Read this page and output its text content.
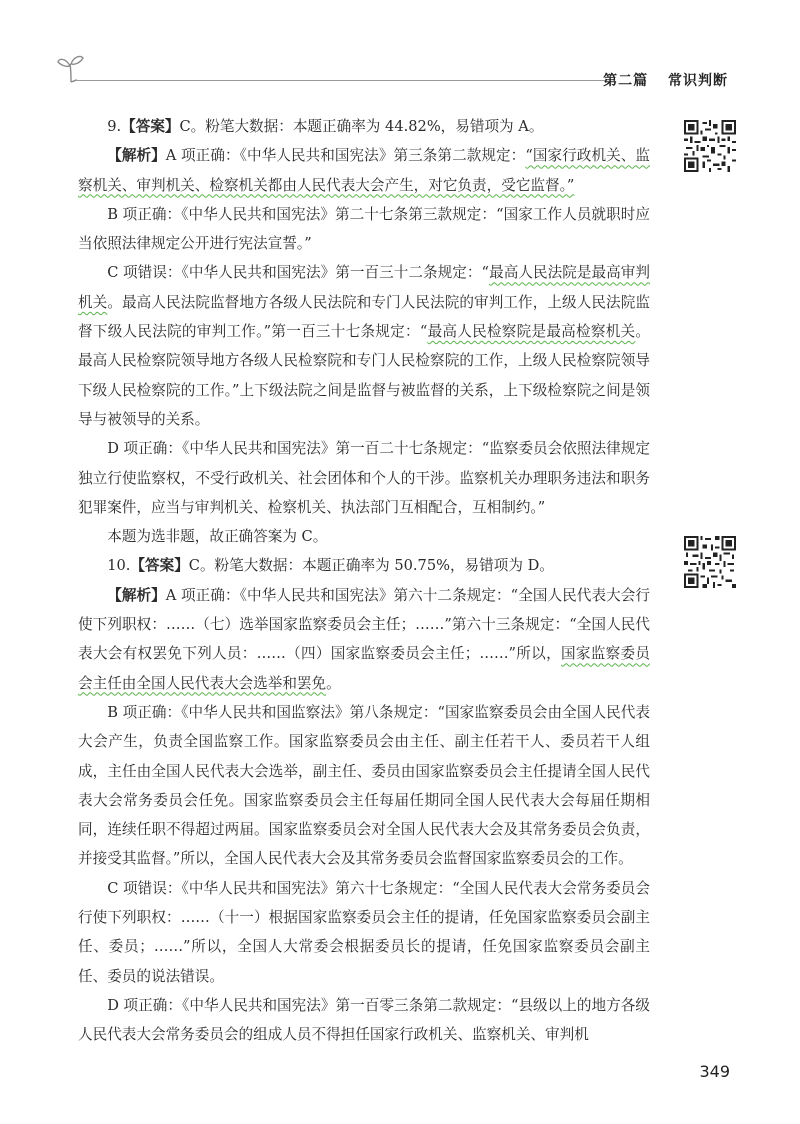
第二篇 常识判断

9.【答案】C。粉笔大数据：本题正确率为 44.82%，易错项为 A。

【解析】A 项正确：《中华人民共和国宪法》第三条第二款规定：“国家行政机关、监察机关、审判机关、检察机关都由人民代表大会产生，对它负责，受它监督。”

B 项正确：《中华人民共和国宪法》第二十七条第三款规定：“国家工作人员就职时应当依照法律规定公开进行宪法宣誓。”

C 项错误：《中华人民共和国宪法》第一百三十二条规定：“最高人民法院是最高审判机关。最高人民法院监督地方各级人民法院和专门人民法院的审判工作，上级人民法院监督下级人民法院的审判工作。”第一百三十七条规定：“最高人民检察院是最高检察机关。最高人民检察院领导地方各级人民检察院和专门人民检察院的工作，上级人民检察院领导下级人民检察院的工作。”上下级法院之间是监督与被监督的关系，上下级检察院之间是领导与被领导的关系。

D 项正确：《中华人民共和国宪法》第一百二十七条规定：“监察委员会依照法律规定独立行使监察权，不受行政机关、社会团体和个人的干涉。监察机关办理职务违法和职务犯罪案件，应当与审判机关、检察机关、执法部门互相配合，互相制约。”

本题为选非题，故正确答案为 C。

10.【答案】C。粉笔大数据：本题正确率为 50.75%，易错项为 D。

【解析】A 项正确：《中华人民共和国宪法》第六十二条规定：“全国人民代表大会行使下列职权：……（七）选举国家监察委员会主任；……”第六十三条规定：“全国人民代表大会有权罢免下列人员：……（四）国家监察委员会主任；……”所以，国家监察委员会主任由全国人民代表大会选举和罢免。

B 项正确：《中华人民共和国监察法》第八条规定：“国家监察委员会由全国人民代表大会产生，负责全国监察工作。国家监察委员会由主任、副主任若干人、委员若干人组成，主任由全国人民代表大会选举，副主任、委员由国家监察委员会主任提请全国人民代表大会常务委员会任免。国家监察委员会主任每届任期同全国人民代表大会每届任期相同，连续任职不得超过两届。国家监察委员会对全国人民代表大会及其常务委员会负责，并接受其监督。”所以，全国人民代表大会及其常务委员会监督国家监察委员会的工作。

C 项错误：《中华人民共和国宪法》第六十七条规定：“全国人民代表大会常务委员会行使下列职权：……（十一）根据国家监察委员会主任的提请，任免国家监察委员会副主任、委员；……”所以，全国人大常委会根据委员长的提请，任免国家监察委员会副主任、委员的说法错误。

D 项正确：《中华人民共和国宪法》第一百零三条第二款规定：“县级以上的地方各级人民代表大会常务委员会的组成人员不得担任国家行政机关、监察机关、审判机

349
